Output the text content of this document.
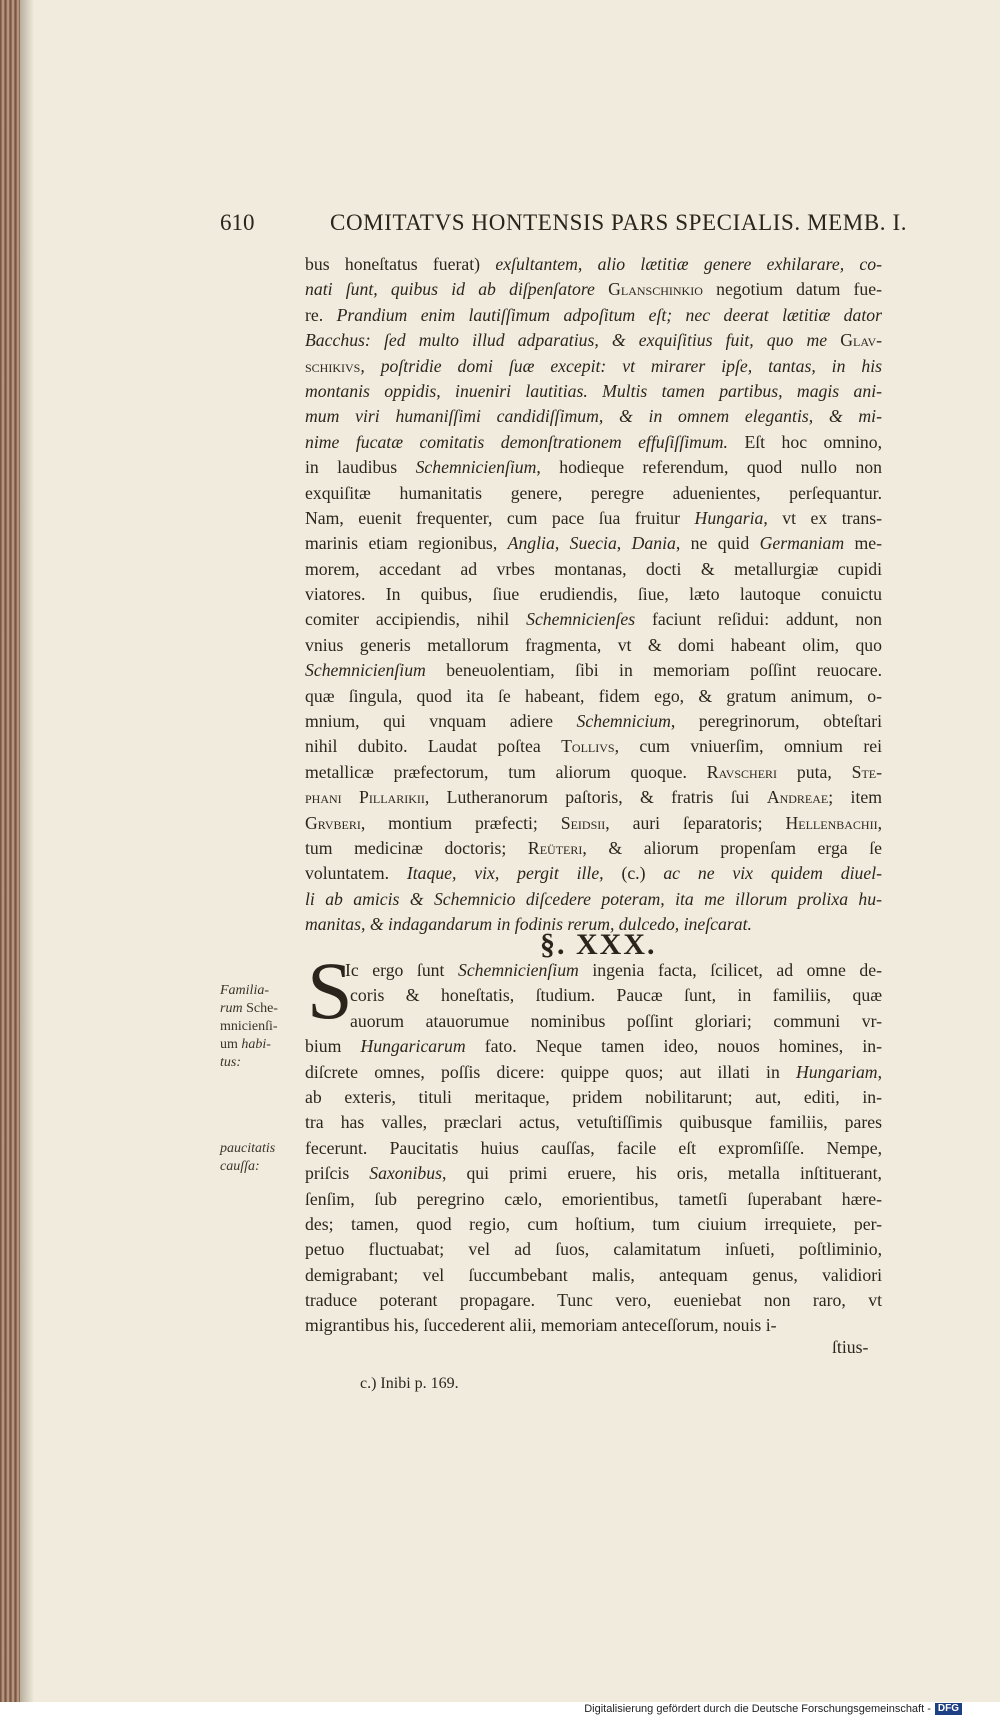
610	COMITATVS HONTENSIS PARS SPECIALIS. MEMB. I.
bus honeſtatus fuerat) exſultantem, alio lætitiæ genere exhilarare, co-
nati ſunt, quibus id ab diſpenſatore Glanschinkio negotium datum fue-
re. Prandium enim lautiſſimum adpoſitum eſt; nec deerat lætitiæ dator
Bacchus: ſed multo illud adparatius, & exquiſitius fuit, quo me Glav-
schikivs, poſtridie domi ſuæ excepit: vt mirarer ipſe, tantas, in his
montanis oppidis, inueniri lautitias. Multis tamen partibus, magis ani-
mum viri humaniſſimi candidiſſimum, & in omnem elegantis, & mi-
nime fucatæ comitatis demonſtrationem effuſiſſimum. Eſt hoc omnino,
in laudibus Schemnicienſium, hodieque referendum, quod nullo non
exquiſitæ humanitatis genere, peregre aduenientes, perſequantur.
Nam, euenit frequenter, cum pace ſua fruitur Hungaria, vt ex trans-
marinis etiam regionibus, Anglia, Suecia, Dania, ne quid Germaniam me-
morem, accedant ad vrbes montanas, docti & metallurgiæ cupidi
viatores. In quibus, ſiue erudiendis, ſiue, læto lautoque conuictu
comiter accipiendis, nihil Schemnicienſes faciunt reſidui: addunt, non
vnius generis metallorum fragmenta, vt & domi habeant olim, quo
Schemnicienſium beneuolentiam, ſibi in memoriam poſſint reuocare.
quæ ſingula, quod ita ſe habeant, fidem ego, & gratum animum, o-
mnium, qui vnquam adiere Schemnicium, peregrinorum, obteſtari
nihil dubito. Laudat poſtea Tollivs, cum vniuerſim, omnium rei
metallicæ præfectorum, tum aliorum quoque. Ravscheri puta, Ste-
phani Pillarikii, Lutheranorum paſtoris, & fratris ſui Andreae; item
Grvberi, montium præfecti; Seidsii, auri ſeparatoris; Hellenbachii,
tum medicinæ doctoris; Reüteri, & aliorum propenſam erga ſe
voluntatem. Itaque, vix, pergit ille, (c.) ac ne vix quidem diuel-
li ab amicis & Schemnicio diſcedere poteram, ita me illorum prolixa hu-
manitas, & indagandarum in fodinis rerum, dulcedo, ineſcarat.
§. XXX.
S
Familia-
rum Sche-
mnicienſi-
um habi-
tus:
paucitatis
cauſſa:
Ic ergo ſunt Schemnicienſium ingenia facta, ſcilicet, ad omne de-
coris & honeſtatis, ſtudium. Paucæ ſunt, in familiis, quæ
auorum atauorumue nominibus poſſint gloriari; communi vr-
bium Hungaricarum fato. Neque tamen ideo, nouos homines, in-
diſcrete omnes, poſſis dicere: quippe quos; aut illati in Hungariam,
ab exteris, tituli meritaque, pridem nobilitarunt; aut, editi, in-
tra has valles, præclari actus, vetuſtiſſimis quibusque familiis, pares
fecerunt. Paucitatis huius cauſſas, facile eſt expromſiſſe. Nempe,
priſcis Saxonibus, qui primi eruere, his oris, metalla inſtituerant,
ſenſim, ſub peregrino cælo, emorientibus, tametſi ſuperabant hære-
des; tamen, quod regio, cum hoſtium, tum ciuium irrequiete, per-
petuo fluctuabat; vel ad ſuos, calamitatum inſueti, poſtliminio,
demigrabant; vel ſuccumbebant malis, antequam genus, validiori
traduce poterant propagare. Tunc vero, eueniebat non raro, vt
migrantibus his, ſuccederent alii, memoriam anteceſſorum, nouis i-
ſtius-
c.) Inibi p. 169.
Digitalisierung gefördert durch die Deutsche Forschungsgemeinschaft - DFG
